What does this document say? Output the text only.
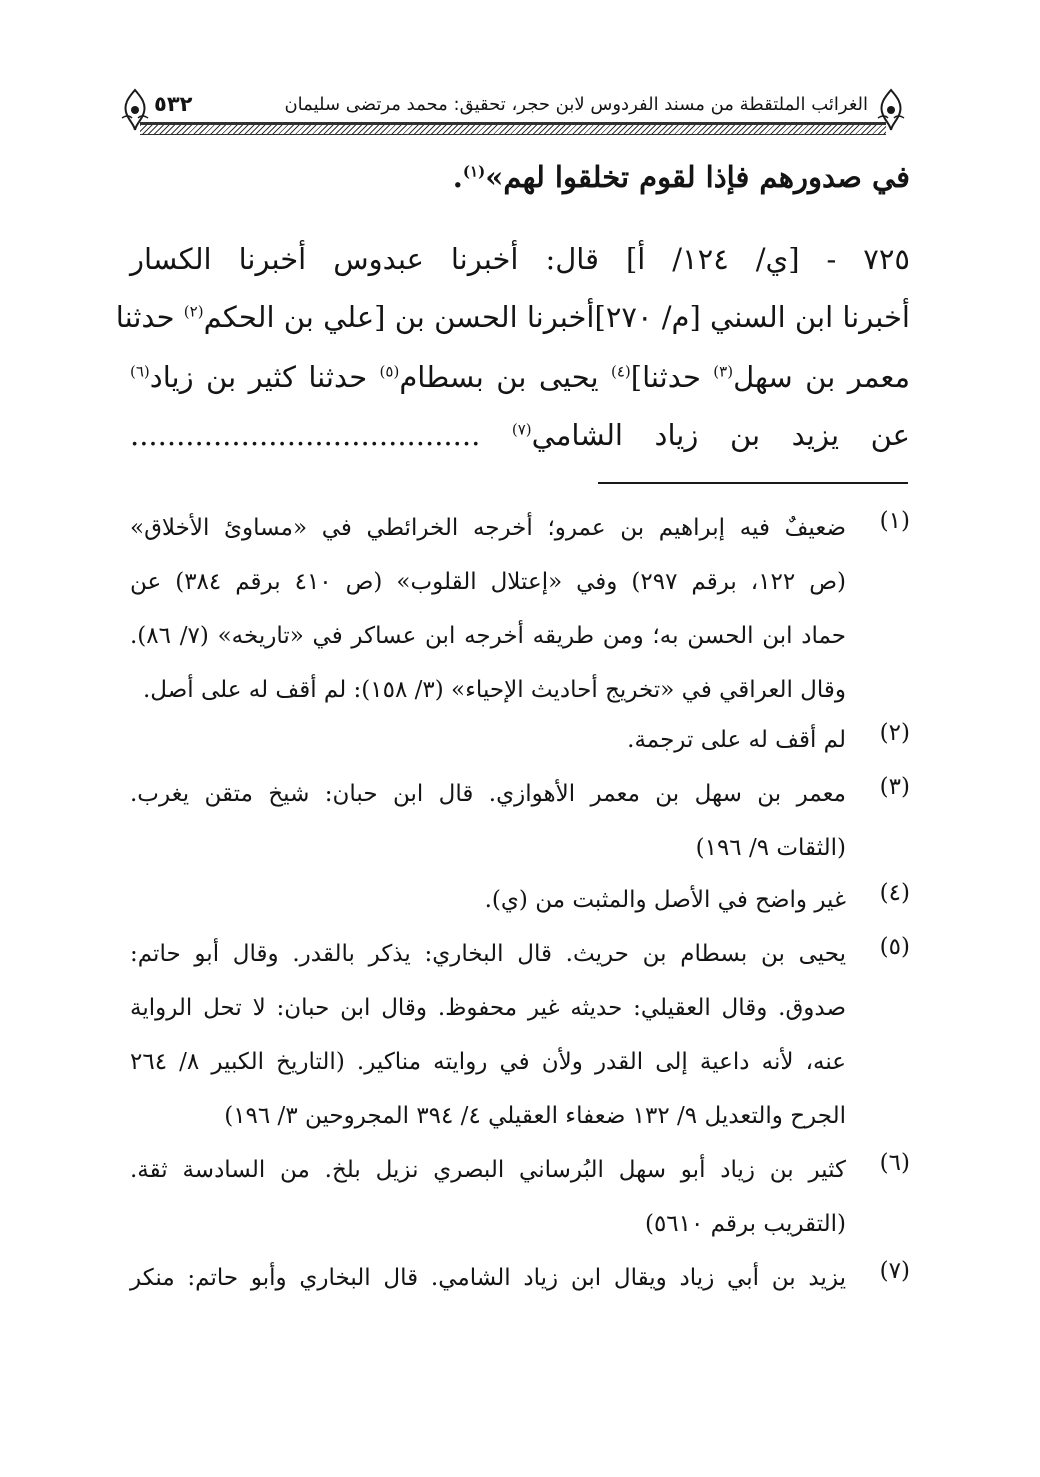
٥٣٢	الغرائب الملتقطة من مسند الفردوس لابن حجر، تحقيق: محمد مرتضى سليمان
في صدورهم فإذا لقوم تخلقوا لهم»$^{(١)}$.
٧٢٥ - [ي/ ١٢٤/ أ] قال: أخبرنا عبدوس أخبرنا الكسار
أخبرنا ابن السني [م/ ٢٧٠]أخبرنا الحسن بن [علي بن الحكم$^{(٢)}$ حدثنا
معمر بن سهل$^{(٣)}$ حدثنا]$^{(٤)}$ يحيى بن بسطام$^{(٥)}$ حدثنا كثير بن زياد$^{(٦)}$
عن يزيد بن زياد الشامي$^{(٧)}$ ......................................
(١)
ضعيفٌ فيه إبراهيم بن عمرو؛ أخرجه الخرائطي في «مساوئ الأخلاق»
(ص ١٢٢، برقم ٢٩٧) وفي «إعتلال القلوب» (ص ٤١٠ برقم ٣٨٤) عن
حماد ابن الحسن به؛ ومن طريقه أخرجه ابن عساكر في «تاريخه» (٧/ ٨٦).
وقال العراقي في «تخريج أحاديث الإحياء» (٣/ ١٥٨): لم أقف له على أصل.
(٢)
لم أقف له على ترجمة.
(٣)
معمر بن سهل بن معمر الأهوازي. قال ابن حبان: شيخ متقن يغرب.
(الثقات ٩/ ١٩٦)
(٤)
غير واضح في الأصل والمثبت من (ي).
(٥)
يحيى بن بسطام بن حريث. قال البخاري: يذكر بالقدر. وقال أبو حاتم:
صدوق. وقال العقيلي: حديثه غير محفوظ. وقال ابن حبان: لا تحل الرواية
عنه، لأنه داعية إلى القدر ولأن في روايته مناكير. (التاريخ الكبير ٨/ ٢٦٤
الجرح والتعديل ٩/ ١٣٢ ضعفاء العقيلي ٤/ ٣٩٤ المجروحين ٣/ ١٩٦)
(٦)
كثير بن زياد أبو سهل البُرساني البصري نزيل بلخ. من السادسة ثقة.
(التقريب برقم ٥٦١٠)
(٧)
يزيد بن أبي زياد ويقال ابن زياد الشامي. قال البخاري وأبو حاتم: منكر
